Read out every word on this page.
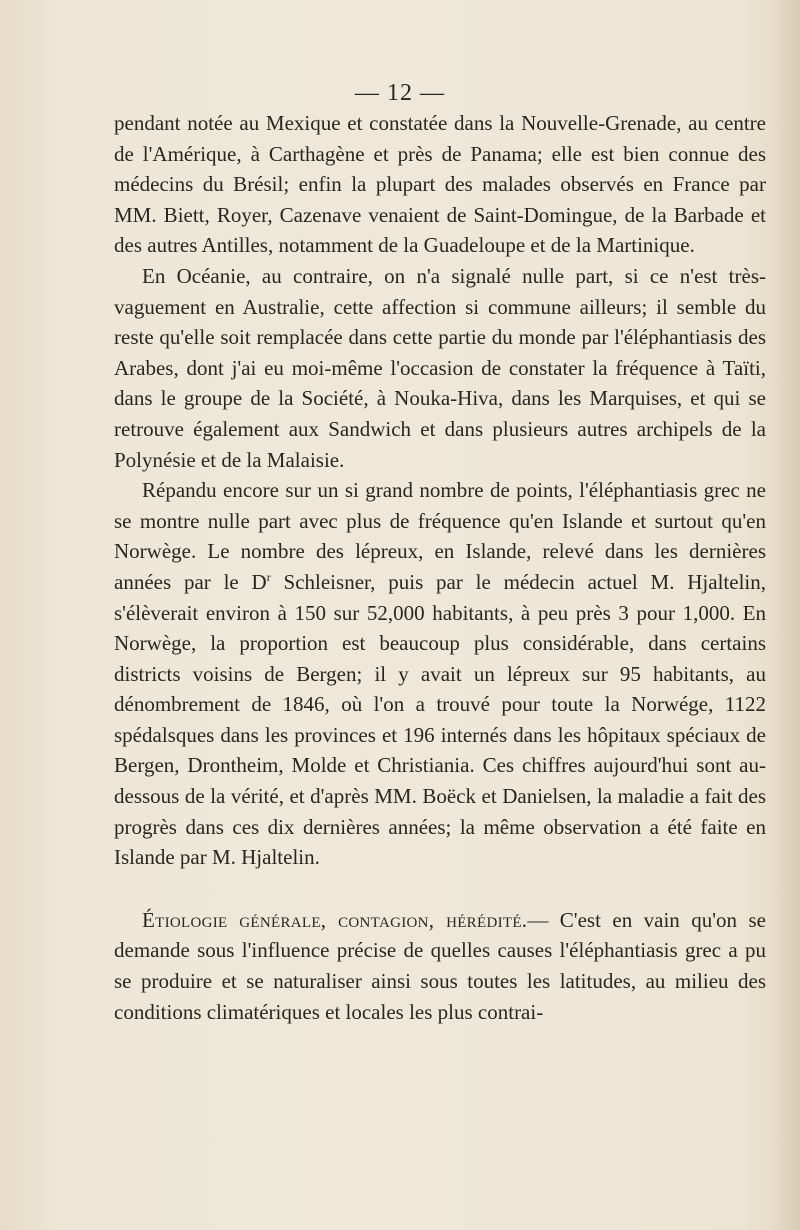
— 12 —

pendant notée au Mexique et constatée dans la Nouvelle-Grenade, au centre de l'Amérique, à Carthagène et près de Panama; elle est bien connue des médecins du Brésil; enfin la plupart des malades observés en France par MM. Biett, Royer, Cazenave venaient de Saint-Domingue, de la Barbade et des autres Antilles, notamment de la Guadeloupe et de la Martinique.

En Océanie, au contraire, on n'a signalé nulle part, si ce n'est très-vaguement en Australie, cette affection si commune ailleurs; il semble du reste qu'elle soit remplacée dans cette partie du monde par l'éléphantiasis des Arabes, dont j'ai eu moi-même l'occasion de constater la fréquence à Taïti, dans le groupe de la Société, à Nouka-Hiva, dans les Marquises, et qui se retrouve également aux Sandwich et dans plusieurs autres archipels de la Polynésie et de la Malaisie.

Répandu encore sur un si grand nombre de points, l'éléphantiasis grec ne se montre nulle part avec plus de fréquence qu'en Islande et surtout qu'en Norwège. Le nombre des lépreux, en Islande, relevé dans les dernières années par le $D^r$ Schleisner, puis par le médecin actuel M. Hjaltelin, s'élèverait environ à 150 sur 52,000 habitants, à peu près 3 pour 1,000. En Norwège, la proportion est beaucoup plus considérable, dans certains districts voisins de Bergen; il y avait un lépreux sur 95 habitants, au dénombrement de 1846, où l'on a trouvé pour toute la Norwége, 1122 spédalsques dans les provinces et 196 internés dans les hôpitaux spéciaux de Bergen, Drontheim, Molde et Christiania. Ces chiffres aujourd'hui sont au-dessous de la vérité, et d'après MM. Boëck et Danielsen, la maladie a fait des progrès dans ces dix dernières années; la même observation a été faite en Islande par M. Hjaltelin.

Étiologie générale, contagion, hérédité.— C'est en vain qu'on se demande sous l'influence précise de quelles causes l'éléphantiasis grec a pu se produire et se naturaliser ainsi sous toutes les latitudes, au milieu des conditions climatériques et locales les plus contrai-
